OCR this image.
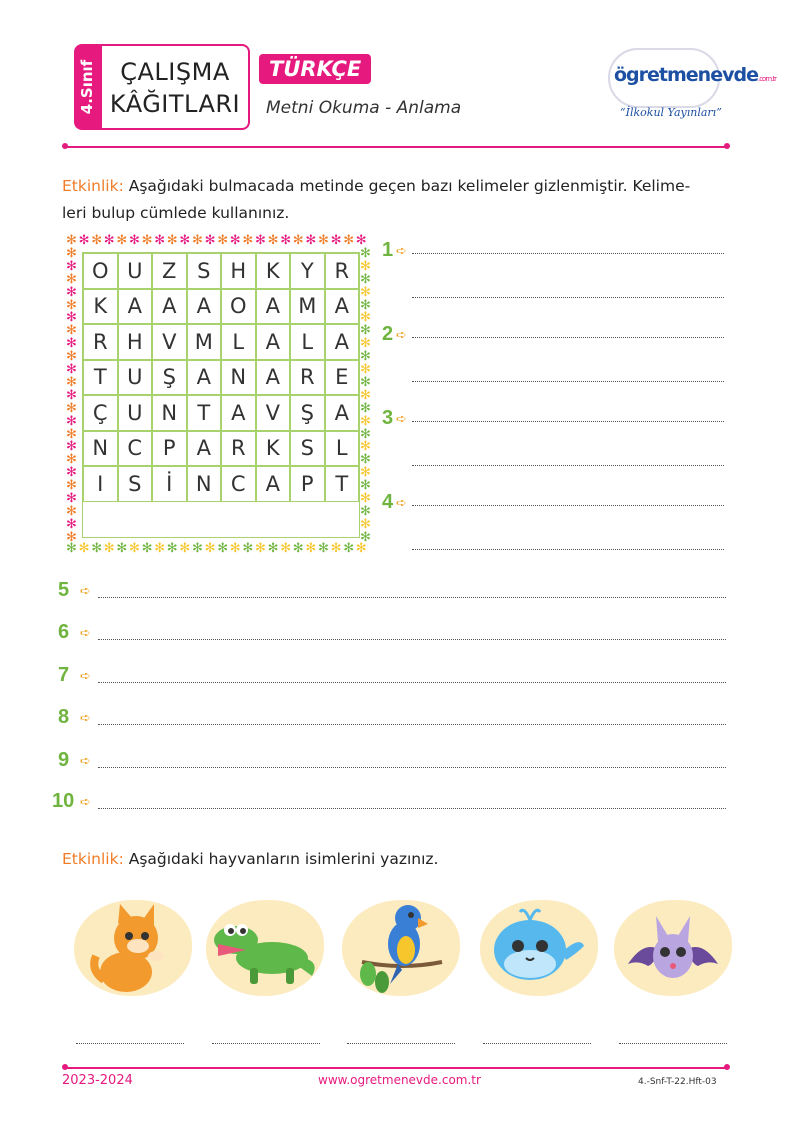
4.Sınıf	ÇALIŞMA
KÂĞITLARI
TÜRKÇE
Metni Okuma - Anlama
ögretmenevde.com.tr
“İlkokul Yayınları”
Etkinlik: Aşağıdaki bulmacada metinde geçen bazı kelimeler gizlenmiştir. Kelime-
leri bulup cümlede kullanınız.
✻
✻
✻
✻
✻
✻
✻
✻
✻
✻
✻
✻
✻
✻
✻
✻
✻
✻
✻
✻
✻
✻
✻
✻
✻
✻
✻
✻
✻
✻
✻
✻
✻
✻
✻
✻
✻
✻
✻
✻
✻
✻
✻
✻
✻
✻
✻
✻
✻	✻
✻	✻
✻	✻
✻	✻
✻	✻
✻	✻
✻	✻
✻	✻
✻	✻
✻	✻
✻	✻
✻	✻
✻	✻
✻	✻
✻	✻
✻	✻
✻	✻
✻	✻
✻	✻
✻	✻
✻	✻
✻	✻
✻	✻
O U Z S H K	Y R
K A A A O A M A
R H V M L	A	L	A
T U Ş A N A R E
Ç U N T A V Ş A
N C P A R K S	L
I	S	İ	N C A P	T
1 ➪
2 ➪
3 ➪
4 ➪
5 ➪
6 ➪
7 ➪
8 ➪
9 ➪
10 ➪
Etkinlik: Aşağıdaki hayvanların isimlerini yazınız.
2023-2024	www.ogretmenevde.com.tr	4.-Snf-T-22.Hft-03
